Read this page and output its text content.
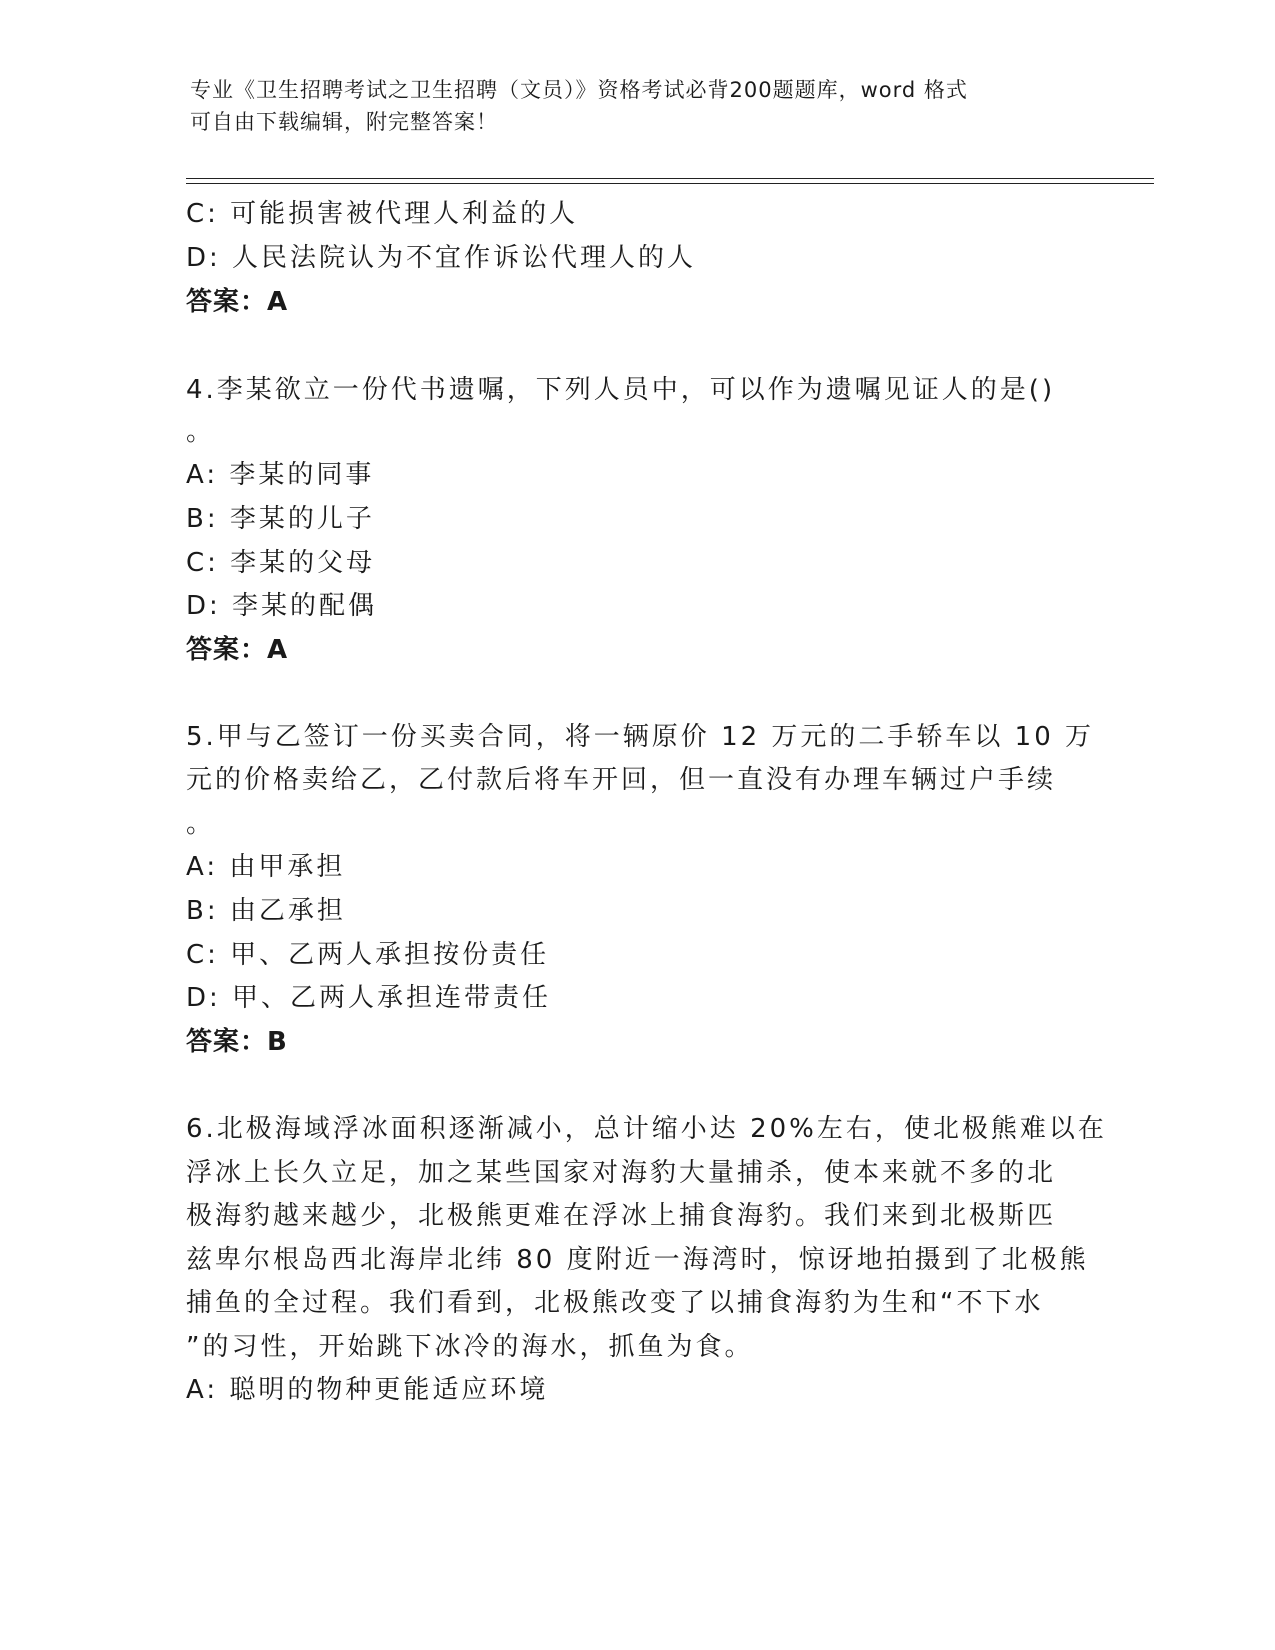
专业《卫生招聘考试之卫生招聘（文员）》资格考试必背200题题库，word 格式
可自由下载编辑，附完整答案！
C: 可能损害被代理人利益的人
D: 人民法院认为不宜作诉讼代理人的人
答案：A
4.李某欲立一份代书遗嘱，下列人员中，可以作为遗嘱见证人的是()
。
A: 李某的同事
B: 李某的儿子
C: 李某的父母
D: 李某的配偶
答案：A
5.甲与乙签订一份买卖合同，将一辆原价 12 万元的二手轿车以 10 万
元的价格卖给乙，乙付款后将车开回，但一直没有办理车辆过户手续
。
A: 由甲承担
B: 由乙承担
C: 甲、乙两人承担按份责任
D: 甲、乙两人承担连带责任
答案：B
6.北极海域浮冰面积逐渐减小，总计缩小达 20%左右，使北极熊难以在
浮冰上长久立足，加之某些国家对海豹大量捕杀，使本来就不多的北
极海豹越来越少，北极熊更难在浮冰上捕食海豹。我们来到北极斯匹
兹卑尔根岛西北海岸北纬 80 度附近一海湾时，惊讶地拍摄到了北极熊
捕鱼的全过程。我们看到，北极熊改变了以捕食海豹为生和“不下水
”的习性，开始跳下冰冷的海水，抓鱼为食。
A: 聪明的物种更能适应环境
